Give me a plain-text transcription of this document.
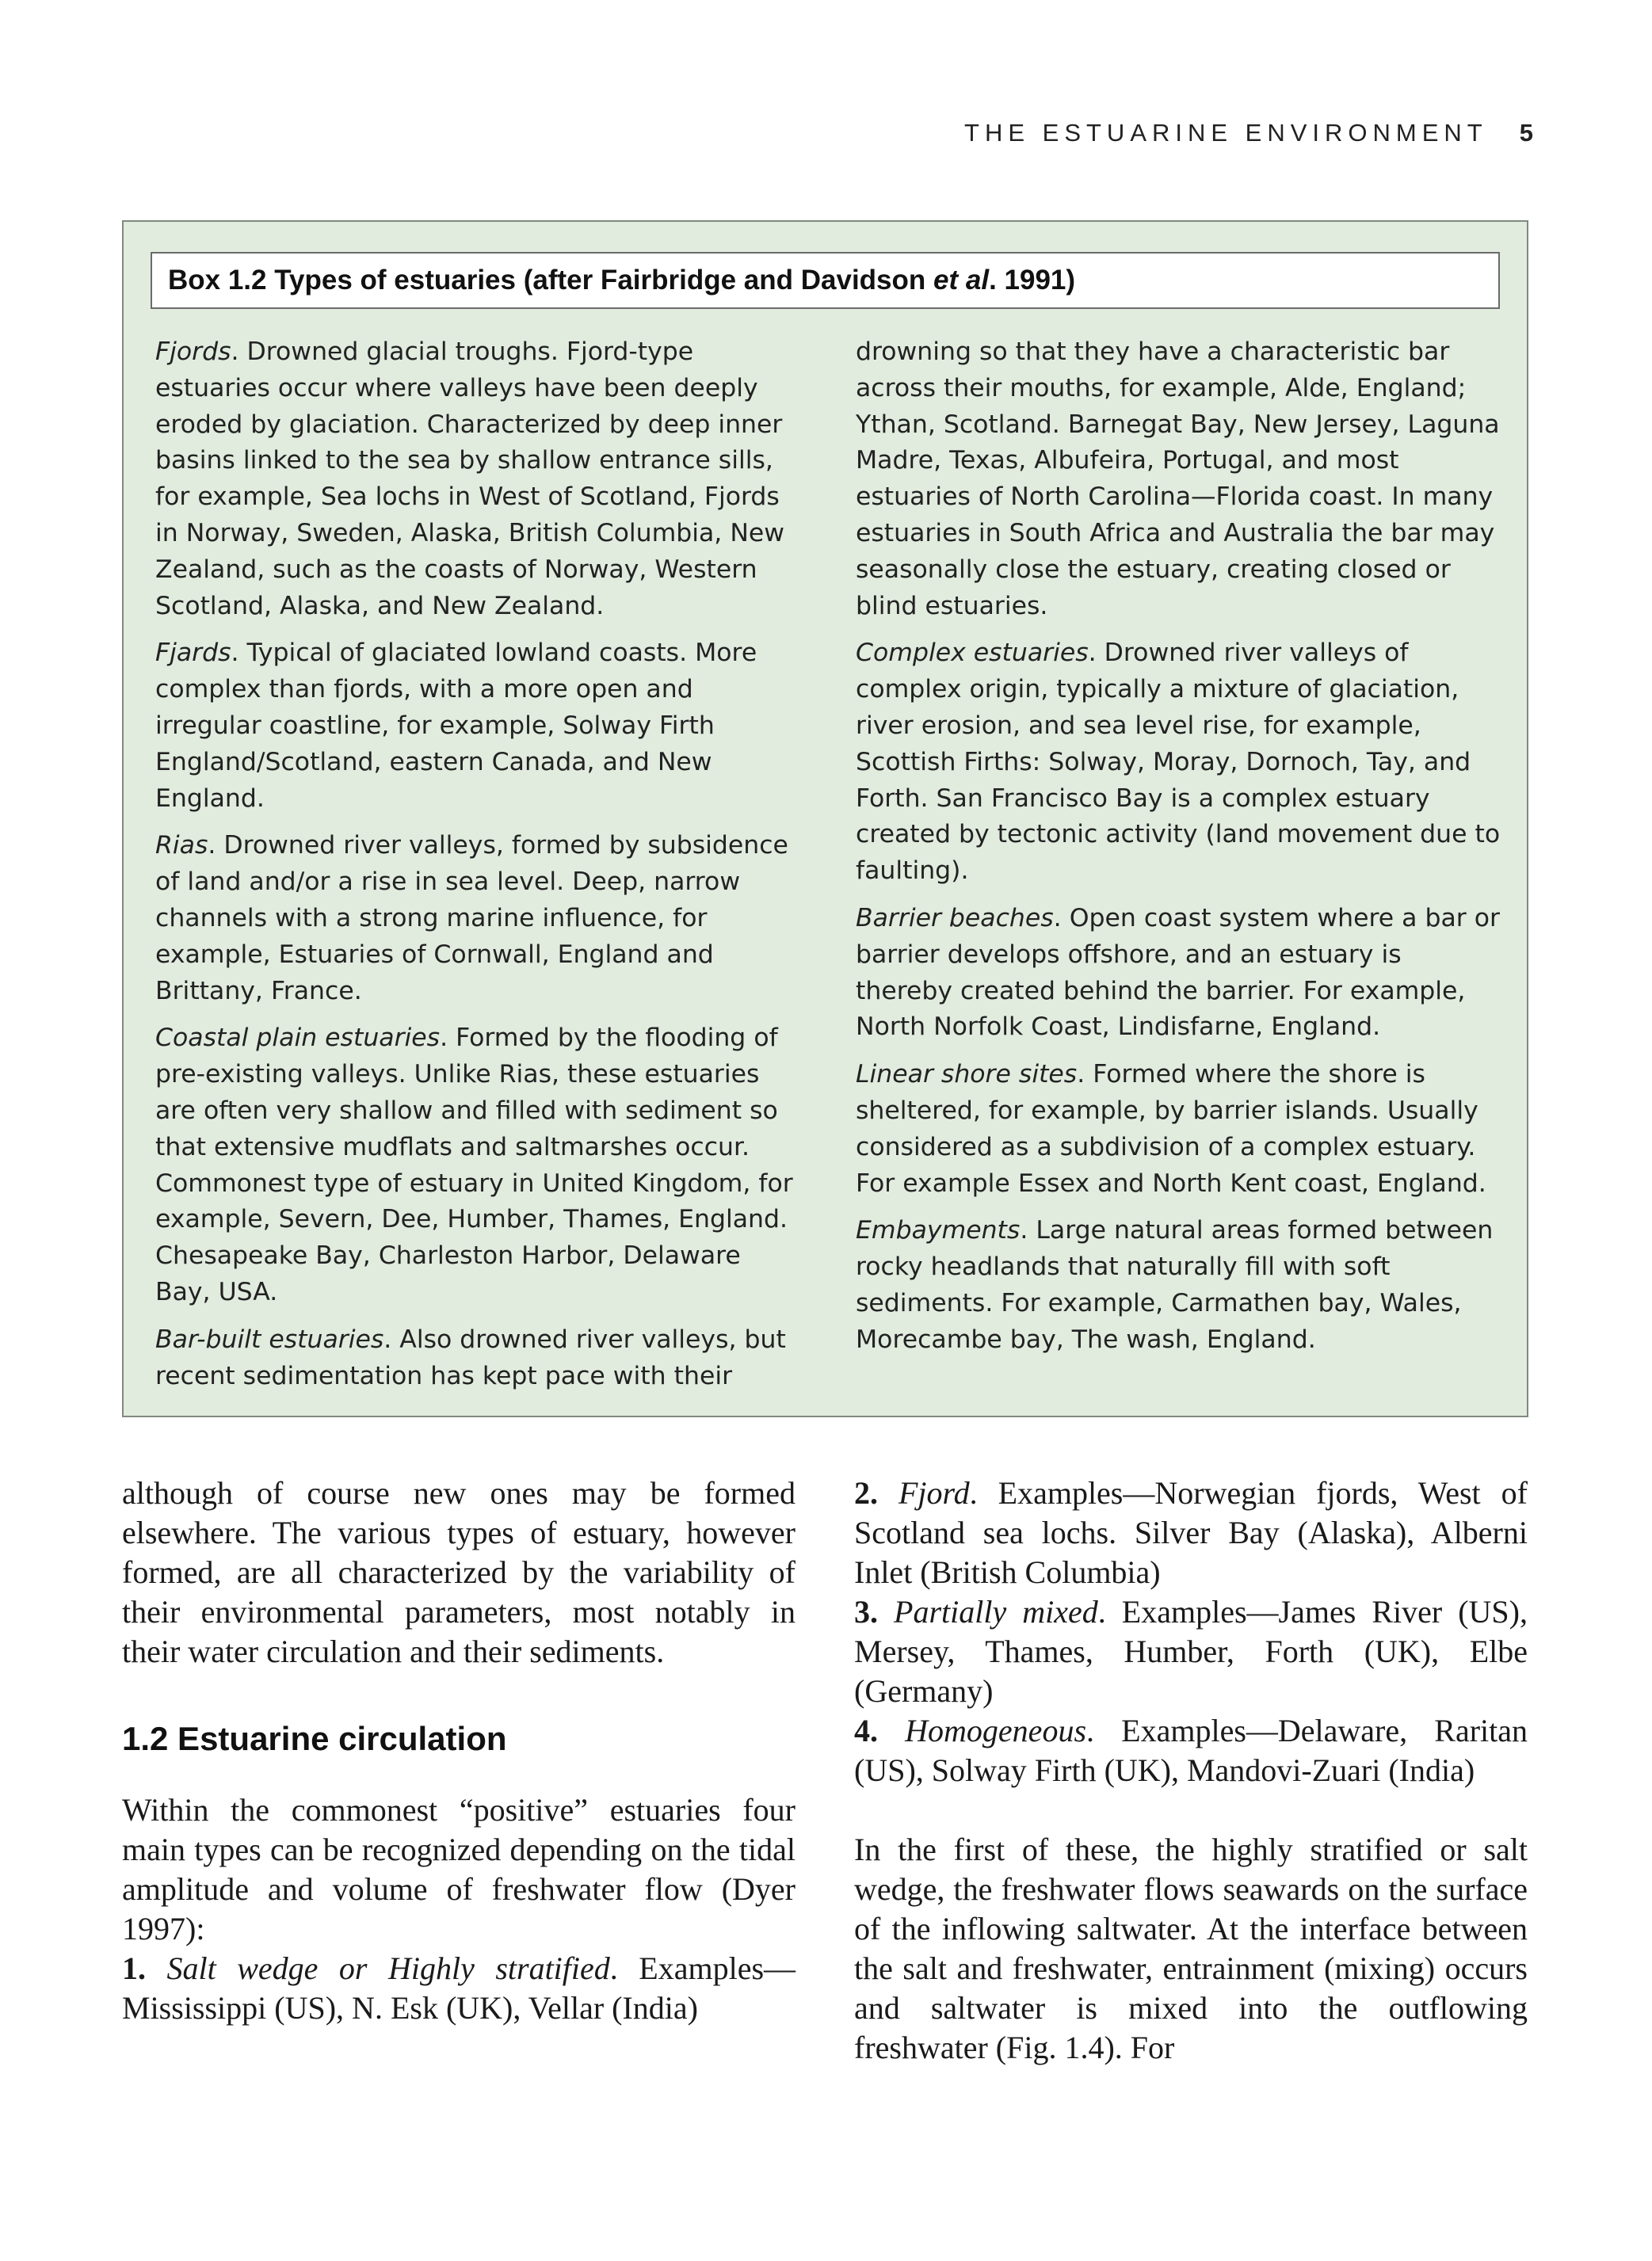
THE ESTUARINE ENVIRONMENT 5
Box 1.2 Types of estuaries (after Fairbridge and Davidson et al. 1991)

Fjords. Drowned glacial troughs. Fjord-type estuaries occur where valleys have been deeply eroded by glaciation. Characterized by deep inner basins linked to the sea by shallow entrance sills, for example, Sea lochs in West of Scotland, Fjords in Norway, Sweden, Alaska, British Columbia, New Zealand, such as the coasts of Norway, Western Scotland, Alaska, and New Zealand.

Fjards. Typical of glaciated lowland coasts. More complex than fjords, with a more open and irregular coastline, for example, Solway Firth England/Scotland, eastern Canada, and New England.

Rias. Drowned river valleys, formed by subsidence of land and/or a rise in sea level. Deep, narrow channels with a strong marine influence, for example, Estuaries of Cornwall, England and Brittany, France.

Coastal plain estuaries. Formed by the flooding of pre-existing valleys. Unlike Rias, these estuaries are often very shallow and filled with sediment so that extensive mudflats and saltmarshes occur. Commonest type of estuary in United Kingdom, for example, Severn, Dee, Humber, Thames, England. Chesapeake Bay, Charleston Harbor, Delaware Bay, USA.

Bar-built estuaries. Also drowned river valleys, but recent sedimentation has kept pace with their

drowning so that they have a characteristic bar across their mouths, for example, Alde, England; Ythan, Scotland. Barnegat Bay, New Jersey, Laguna Madre, Texas, Albufeira, Portugal, and most estuaries of North Carolina—Florida coast. In many estuaries in South Africa and Australia the bar may seasonally close the estuary, creating closed or blind estuaries.

Complex estuaries. Drowned river valleys of complex origin, typically a mixture of glaciation, river erosion, and sea level rise, for example, Scottish Firths: Solway, Moray, Dornoch, Tay, and Forth. San Francisco Bay is a complex estuary created by tectonic activity (land movement due to faulting).

Barrier beaches. Open coast system where a bar or barrier develops offshore, and an estuary is thereby created behind the barrier. For example, North Norfolk Coast, Lindisfarne, England.

Linear shore sites. Formed where the shore is sheltered, for example, by barrier islands. Usually considered as a subdivision of a complex estuary. For example Essex and North Kent coast, England.

Embayments. Large natural areas formed between rocky headlands that naturally fill with soft sediments. For example, Carmathen bay, Wales, Morecambe bay, The wash, England.

although of course new ones may be formed elsewhere. The various types of estuary, however formed, are all characterized by the variability of their environmental parameters, most notably in their water circulation and their sediments.

1.2 Estuarine circulation

Within the commonest “positive” estuaries four main types can be recognized depending on the tidal amplitude and volume of freshwater flow (Dyer 1997):

1. Salt wedge or Highly stratified. Examples—Mississippi (US), N. Esk (UK), Vellar (India)

2. Fjord. Examples—Norwegian fjords, West of Scotland sea lochs. Silver Bay (Alaska), Alberni Inlet (British Columbia)

3. Partially mixed. Examples—James River (US), Mersey, Thames, Humber, Forth (UK), Elbe (Germany)

4. Homogeneous. Examples—Delaware, Raritan (US), Solway Firth (UK), Mandovi-Zuari (India)

In the first of these, the highly stratified or salt wedge, the freshwater flows seawards on the surface of the inflowing saltwater. At the interface between the salt and freshwater, entrainment (mixing) occurs and saltwater is mixed into the outflowing freshwater (Fig. 1.4). For
